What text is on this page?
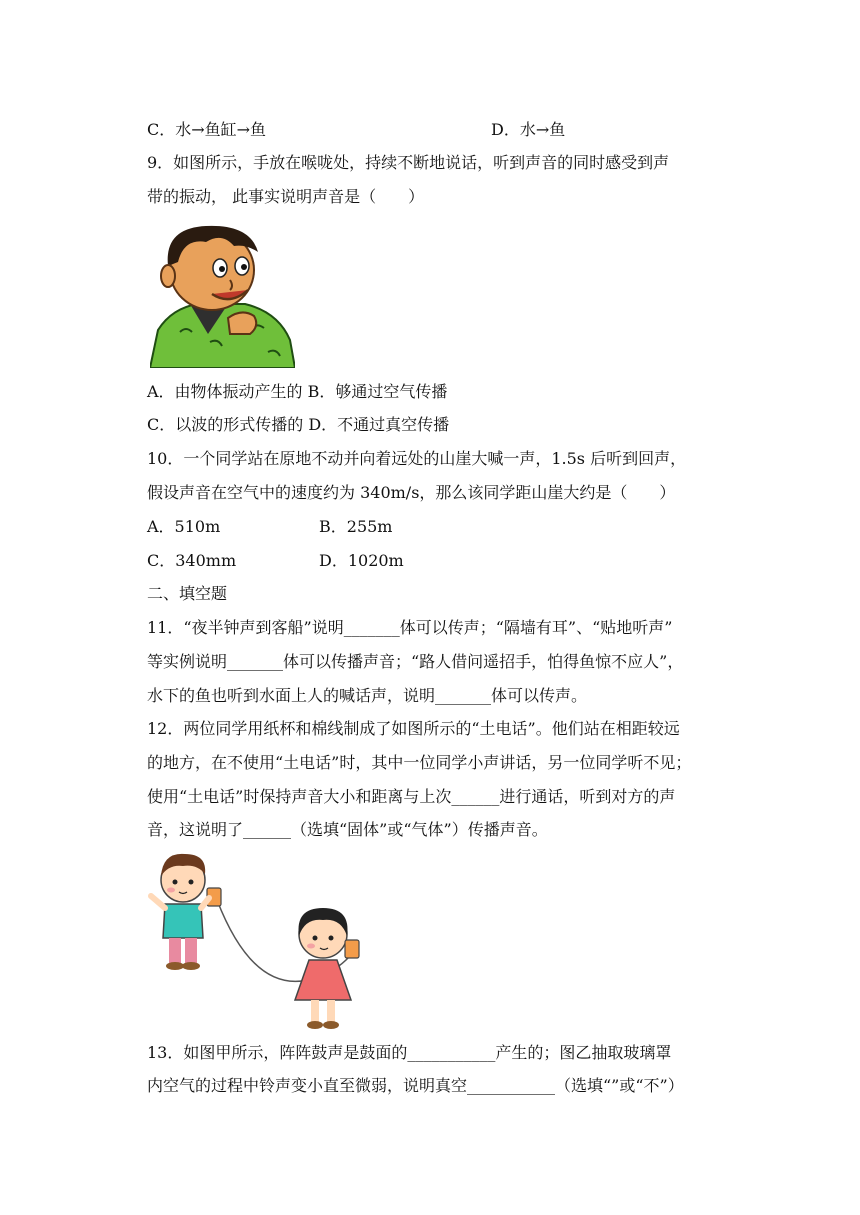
C．水→鱼缸→鱼	D．水→鱼
9．如图所示，手放在喉咙处，持续不断地说话，听到声音的同时感受到声
带的振动， 此事实说明声音是（　　）
A．由物体振动产生的 B．够通过空气传播
C．以波的形式传播的 D．不通过真空传播
10．一个同学站在原地不动并向着远处的山崖大喊一声，1.5s 后听到回声，
假设声音在空气中的速度约为 340m/s，那么该同学距山崖大约是（　　）
A．510m	B．255m
C．340mm	D．1020m
二、填空题
11．“夜半钟声到客船”说明_______体可以传声；“隔墙有耳”、“贴地听声”
等实例说明_______体可以传播声音；“路人借问遥招手，怕得鱼惊不应人”，
水下的鱼也听到水面上人的喊话声，说明_______体可以传声。
12．两位同学用纸杯和棉线制成了如图所示的“土电话”。他们站在相距较远
的地方，在不使用“土电话”时，其中一位同学小声讲话，另一位同学听不见；
使用“土电话”时保持声音大小和距离与上次______进行通话，听到对方的声
音，这说明了______（选填“固体”或“气体”）传播声音。
13．如图甲所示，阵阵鼓声是鼓面的___________产生的；图乙抽取玻璃罩
内空气的过程中铃声变小直至微弱，说明真空___________（选填“”或“不”）
